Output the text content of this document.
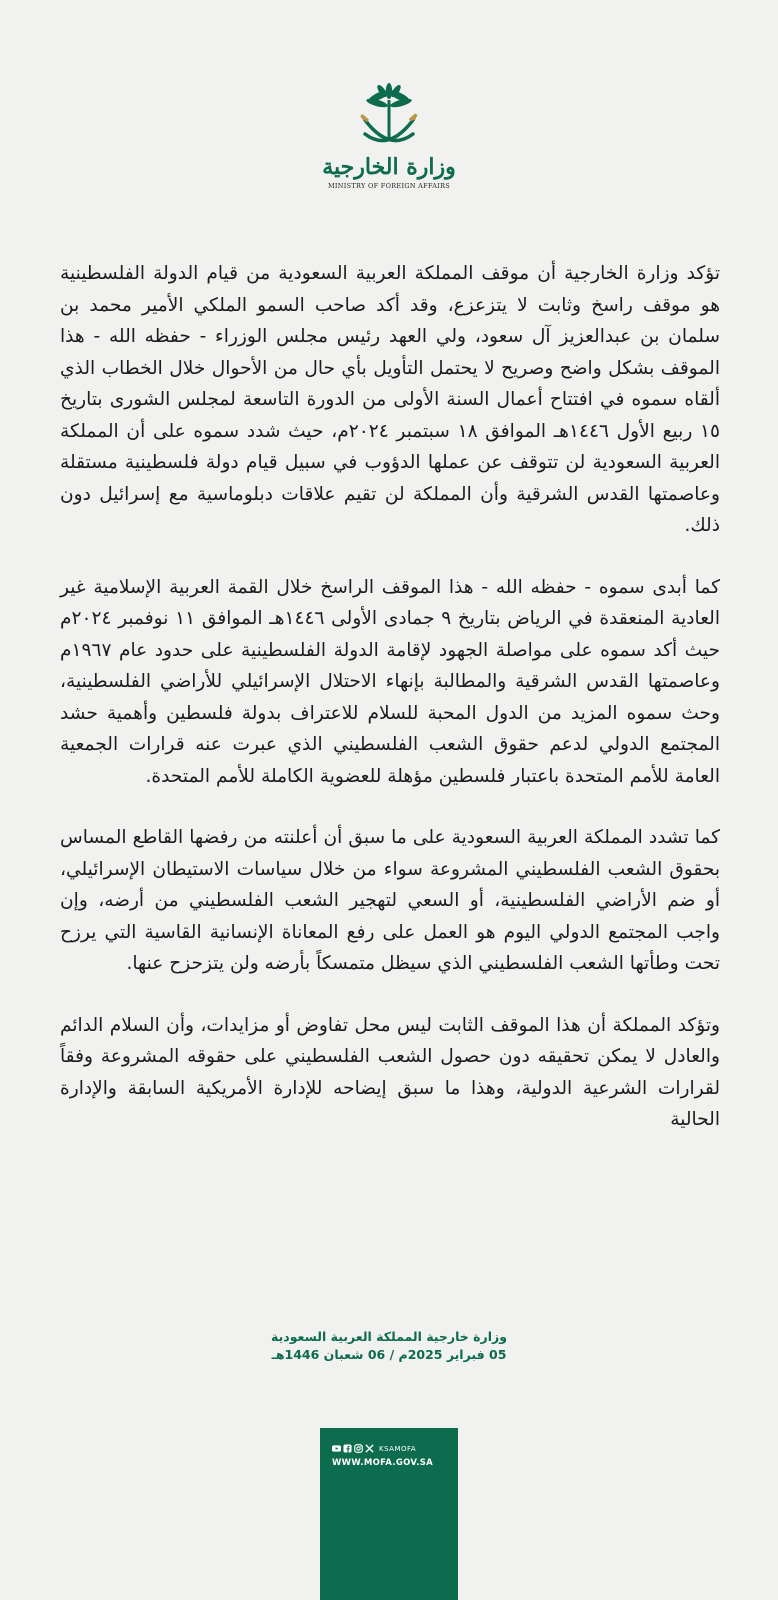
وزارة الخارجية
MINISTRY OF FOREIGN AFFAIRS

تؤكد وزارة الخارجية أن موقف المملكة العربية السعودية من قيام الدولة الفلسطينية هو موقف راسخ وثابت لا يتزعزع، وقد أكد صاحب السمو الملكي الأمير محمد بن سلمان بن عبدالعزيز آل سعود، ولي العهد رئيس مجلس الوزراء - حفظه الله - هذا الموقف بشكل واضح وصريح لا يحتمل التأويل بأي حال من الأحوال خلال الخطاب الذي ألقاه سموه في افتتاح أعمال السنة الأولى من الدورة التاسعة لمجلس الشورى بتاريخ ١٥ ربيع الأول ١٤٤٦هـ الموافق ١٨ سبتمبر ٢٠٢٤م، حيث شدد سموه على أن المملكة العربية السعودية لن تتوقف عن عملها الدؤوب في سبيل قيام دولة فلسطينية مستقلة وعاصمتها القدس الشرقية وأن المملكة لن تقيم علاقات دبلوماسية مع إسرائيل دون ذلك.

كما أبدى سموه - حفظه الله - هذا الموقف الراسخ خلال القمة العربية الإسلامية غير العادية المنعقدة في الرياض بتاريخ ٩ جمادى الأولى ١٤٤٦هـ الموافق ١١ نوفمبر ٢٠٢٤م حيث أكد سموه على مواصلة الجهود لإقامة الدولة الفلسطينية على حدود عام ١٩٦٧م وعاصمتها القدس الشرقية والمطالبة بإنهاء الاحتلال الإسرائيلي للأراضي الفلسطينية، وحث سموه المزيد من الدول المحبة للسلام للاعتراف بدولة فلسطين وأهمية حشد المجتمع الدولي لدعم حقوق الشعب الفلسطيني الذي عبرت عنه قرارات الجمعية العامة للأمم المتحدة باعتبار فلسطين مؤهلة للعضوية الكاملة للأمم المتحدة.

كما تشدد المملكة العربية السعودية على ما سبق أن أعلنته من رفضها القاطع المساس بحقوق الشعب الفلسطيني المشروعة سواء من خلال سياسات الاستيطان الإسرائيلي، أو ضم الأراضي الفلسطينية، أو السعي لتهجير الشعب الفلسطيني من أرضه، وإن واجب المجتمع الدولي اليوم هو العمل على رفع المعاناة الإنسانية القاسية التي يرزح تحت وطأتها الشعب الفلسطيني الذي سيظل متمسكاً بأرضه ولن يتزحزح عنها.

وتؤكد المملكة أن هذا الموقف الثابت ليس محل تفاوض أو مزايدات، وأن السلام الدائم والعادل لا يمكن تحقيقه دون حصول الشعب الفلسطيني على حقوقه المشروعة وفقاً لقرارات الشرعية الدولية، وهذا ما سبق إيضاحه للإدارة الأمريكية السابقة والإدارة الحالية

وزارة خارجية المملكة العربية السعودية
05 فبراير 2025م / 06 شعبان 1446هـ
KSAMOFA
WWW.MOFA.GOV.SA
